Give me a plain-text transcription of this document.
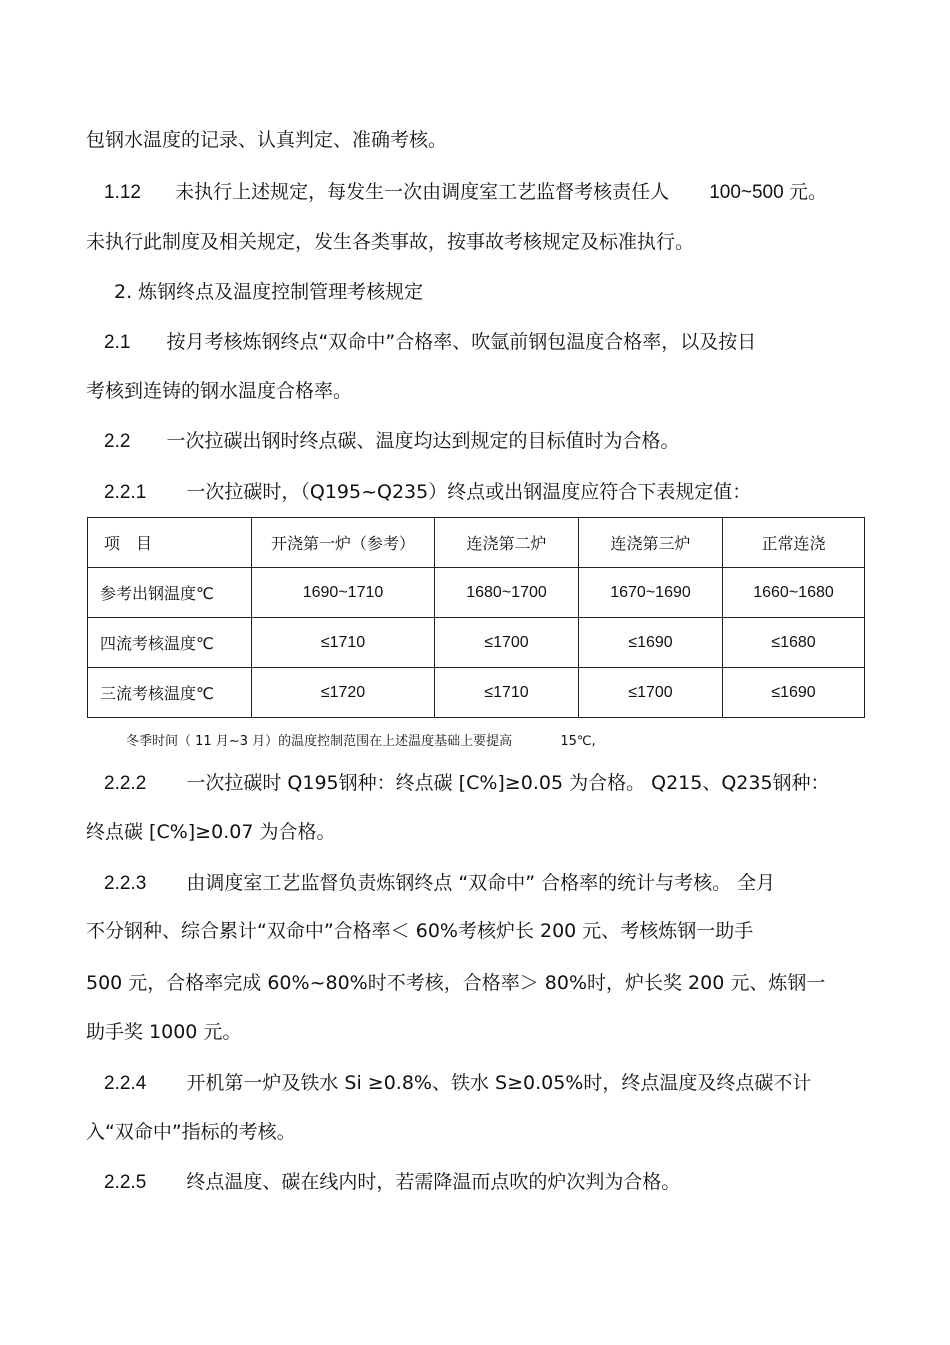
包钢水温度的记录、认真判定、准确考核。
1.12 未执行上述规定，每发生一次由调度室工艺监督考核责任人 100~500 元。
未执行此制度及相关规定，发生各类事故，按事故考核规定及标准执行。
2. 炼钢终点及温度控制管理考核规定
2.1 按月考核炼钢终点“双命中”合格率、吹氩前钢包温度合格率，以及按日
考核到连铸的钢水温度合格率。
2.2 一次拉碳出钢时终点碳、温度均达到规定的目标值时为合格。
2.2.1 一次拉碳时，（Q195~Q235）终点或出钢温度应符合下表规定值：
项　目	开浇第一炉（参考）	连浇第二炉	连浇第三炉	正常连浇
参考出钢温度℃	1690~1710	1680~1700	1670~1690	1660~1680
四流考核温度℃	≤1710	≤1700	≤1690	≤1680
三流考核温度℃	≤1720	≤1710	≤1700	≤1690
冬季时间（ 11 月~3 月）的温度控制范围在上述温度基础上要提高	15℃,
2.2.2 一次拉碳时 Q195钢种：终点碳 [C%]≥0.05 为合格。 Q215、Q235钢种：
终点碳 [C%]≥0.07 为合格。
2.2.3 由调度室工艺监督负责炼钢终点 “双命中” 合格率的统计与考核。 全月
不分钢种、综合累计“双命中”合格率＜ 60%考核炉长 200 元、考核炼钢一助手
500 元，合格率完成 60%~80%时不考核，合格率＞ 80%时，炉长奖 200 元、炼钢一
助手奖 1000 元。
2.2.4 开机第一炉及铁水 Si ≥0.8%、铁水 S≥0.05%时，终点温度及终点碳不计
入“双命中”指标的考核。
2.2.5 终点温度、碳在线内时，若需降温而点吹的炉次判为合格。
